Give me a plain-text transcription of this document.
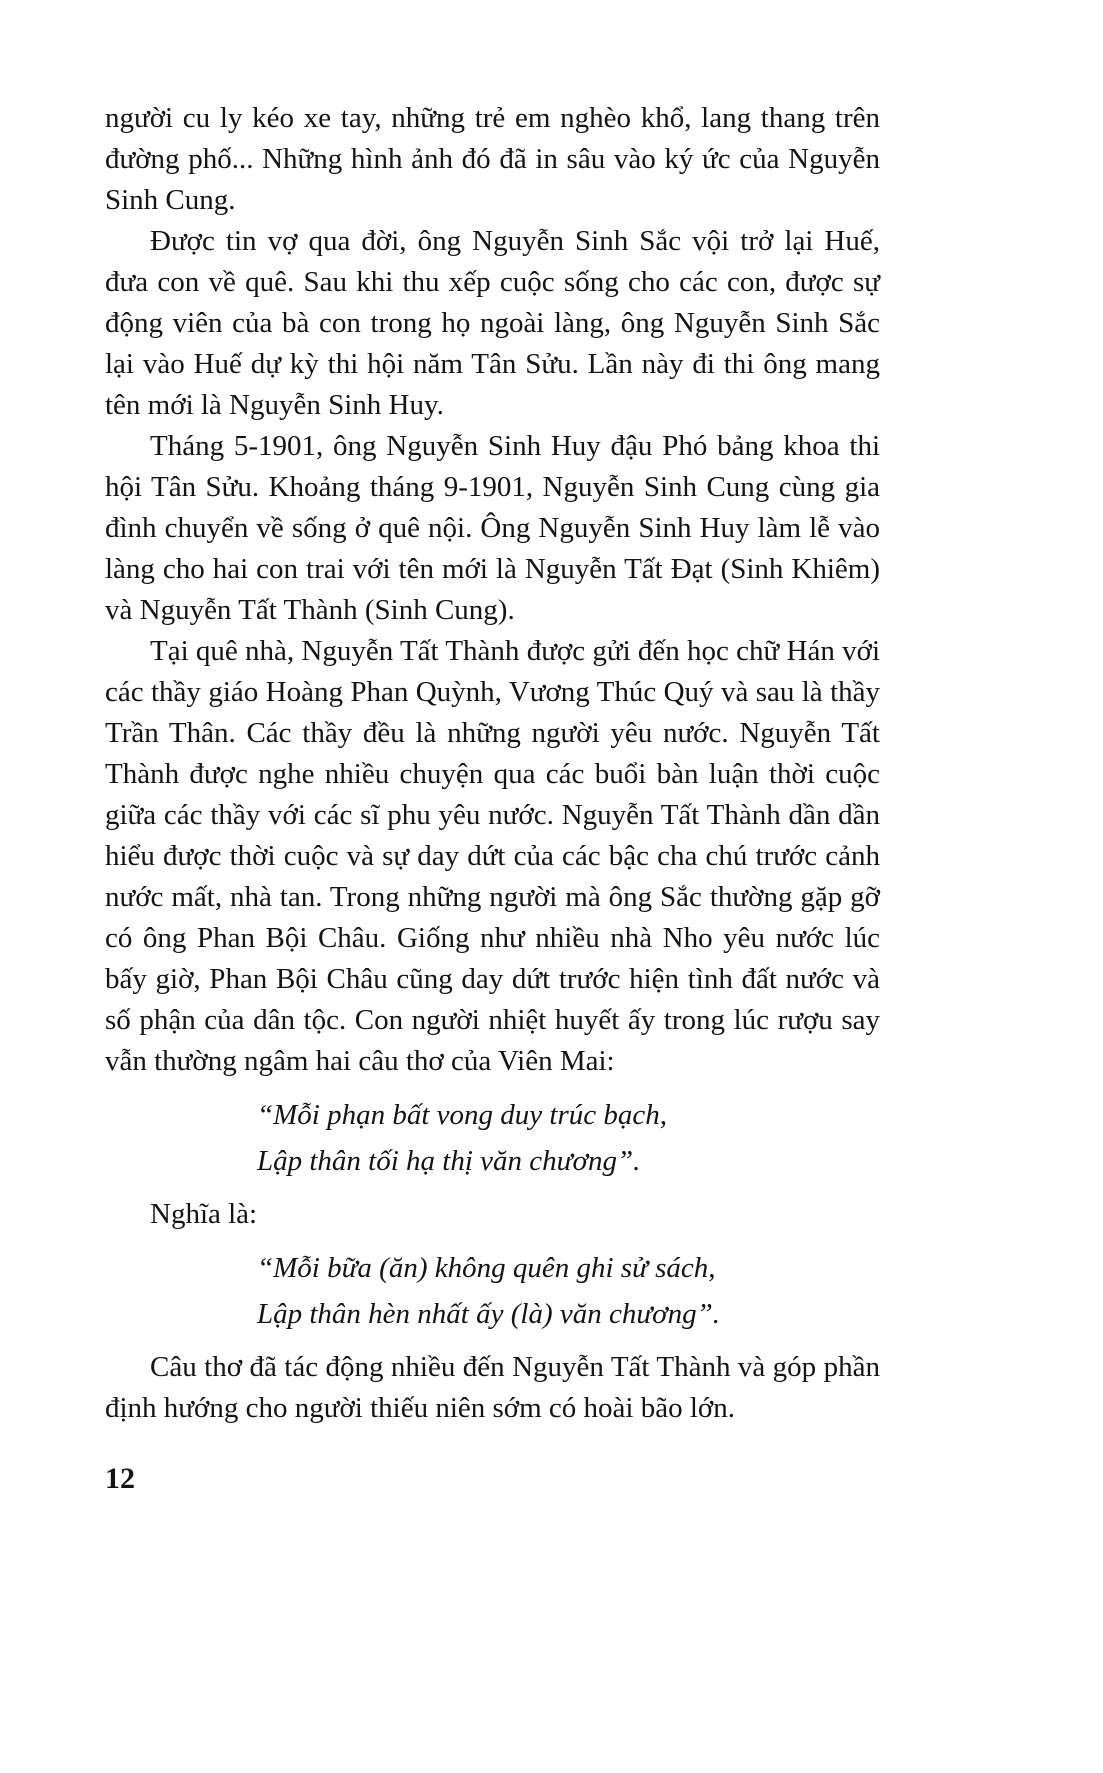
người cu ly kéo xe tay, những trẻ em nghèo khổ, lang thang trên đường phố... Những hình ảnh đó đã in sâu vào ký ức của Nguyễn Sinh Cung.

Được tin vợ qua đời, ông Nguyễn Sinh Sắc vội trở lại Huế, đưa con về quê. Sau khi thu xếp cuộc sống cho các con, được sự động viên của bà con trong họ ngoài làng, ông Nguyễn Sinh Sắc lại vào Huế dự kỳ thi hội năm Tân Sửu. Lần này đi thi ông mang tên mới là Nguyễn Sinh Huy.

Tháng 5-1901, ông Nguyễn Sinh Huy đậu Phó bảng khoa thi hội Tân Sửu. Khoảng tháng 9-1901, Nguyễn Sinh Cung cùng gia đình chuyển về sống ở quê nội. Ông Nguyễn Sinh Huy làm lễ vào làng cho hai con trai với tên mới là Nguyễn Tất Đạt (Sinh Khiêm) và Nguyễn Tất Thành (Sinh Cung).

Tại quê nhà, Nguyễn Tất Thành được gửi đến học chữ Hán với các thầy giáo Hoàng Phan Quỳnh, Vương Thúc Quý và sau là thầy Trần Thân. Các thầy đều là những người yêu nước. Nguyễn Tất Thành được nghe nhiều chuyện qua các buổi bàn luận thời cuộc giữa các thầy với các sĩ phu yêu nước. Nguyễn Tất Thành dần dần hiểu được thời cuộc và sự day dứt của các bậc cha chú trước cảnh nước mất, nhà tan. Trong những người mà ông Sắc thường gặp gỡ có ông Phan Bội Châu. Giống như nhiều nhà Nho yêu nước lúc bấy giờ, Phan Bội Châu cũng day dứt trước hiện tình đất nước và số phận của dân tộc. Con người nhiệt huyết ấy trong lúc rượu say vẫn thường ngâm hai câu thơ của Viên Mai:

“Mỗi phạn bất vong duy trúc bạch,

Lập thân tối hạ thị văn chương”.

Nghĩa là:

“Mỗi bữa (ăn) không quên ghi sử sách,

Lập thân hèn nhất ấy (là) văn chương”.

Câu thơ đã tác động nhiều đến Nguyễn Tất Thành và góp phần định hướng cho người thiếu niên sớm có hoài bão lớn.

12
